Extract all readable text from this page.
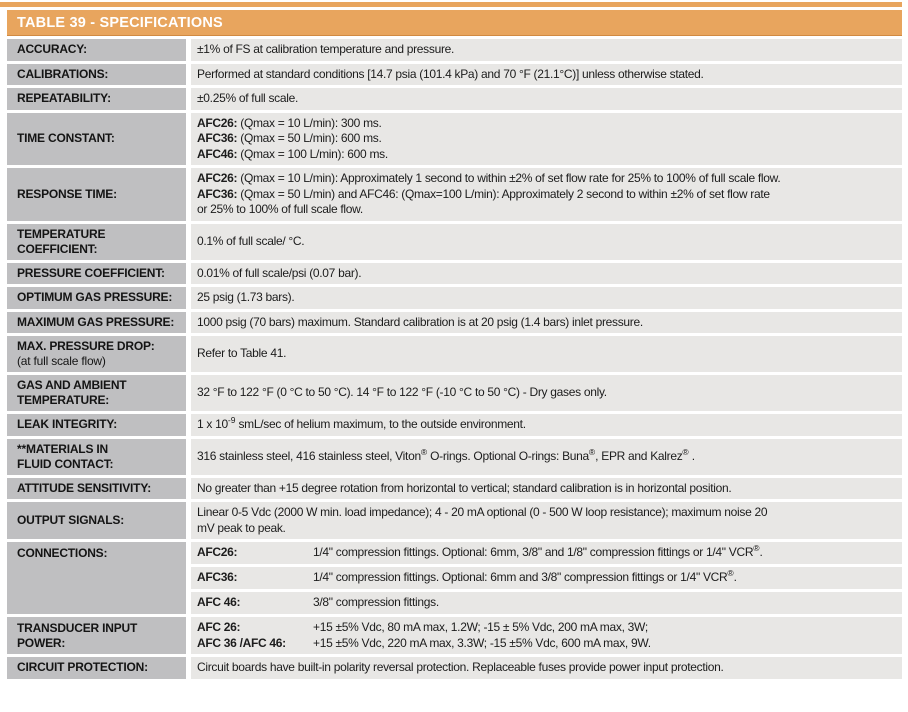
TABLE 39 - SPECIFICATIONS
ACCURACY:	±1% of FS at calibration temperature and pressure.
CALIBRATIONS:	Performed at standard conditions [14.7 psia (101.4 kPa) and 70 °F (21.1°C)] unless otherwise stated.
REPEATABILITY:	±0.25% of full scale.
TIME CONSTANT:
AFC26: (Qmax = 10 L/min): 300 ms.
AFC36: (Qmax = 50 L/min): 600 ms.
AFC46: (Qmax = 100 L/min): 600 ms.
RESPONSE TIME:
AFC26: (Qmax = 10 L/min): Approximately 1 second to within ±2% of set flow rate for 25% to 100% of full scale flow.
AFC36: (Qmax = 50 L/min) and AFC46: (Qmax=100 L/min): Approximately 2 second to within ±2% of set flow rate
or 25% to 100% of full scale flow.
TEMPERATURE
COEFFICIENT:
0.1% of full scale/ °C.
PRESSURE COEFFICIENT:	0.01% of full scale/psi (0.07 bar).
OPTIMUM GAS PRESSURE:	25 psig (1.73 bars).
MAXIMUM GAS PRESSURE:	1000 psig (70 bars) maximum. Standard calibration is at 20 psig (1.4 bars) inlet pressure.
MAX. PRESSURE DROP:
(at full scale flow)
Refer to Table 41.
GAS AND AMBIENT
TEMPERATURE:
32 °F to 122 °F (0 °C to 50 °C). 14 °F to 122 °F (-10 °C to 50 °C) - Dry gases only.
LEAK INTEGRITY:	1 x $10^{-9}$ smL/sec of helium maximum, to the outside environment.
**MATERIALS IN
FLUID CONTACT:
316 stainless steel, 416 stainless steel, Viton® O-rings. Optional O-rings: Buna®, EPR and Kalrez® .
ATTITUDE SENSITIVITY:	No greater than +15 degree rotation from horizontal to vertical; standard calibration is in horizontal position.
OUTPUT SIGNALS:
Linear 0-5 Vdc (2000 W min. load impedance); 4 - 20 mA optional (0 - 500 W loop resistance); maximum noise 20
mV peak to peak.
CONNECTIONS:	AFC26:	1/4" compression fittings. Optional: 6mm, 3/8" and 1/8" compression fittings or 1/4" VCR®.
AFC36:	1/4" compression fittings. Optional: 6mm and 3/8" compression fittings or 1/4" VCR®.
AFC 46:	3/8" compression fittings.
TRANSDUCER INPUT
POWER:
AFC 26:	+15 ±5% Vdc, 80 mA max, 1.2W; -15 ± 5% Vdc, 200 mA max, 3W;
AFC 36 /AFC 46:	+15 ±5% Vdc, 220 mA max, 3.3W; -15 ±5% Vdc, 600 mA max, 9W.
CIRCUIT PROTECTION:	Circuit boards have built-in polarity reversal protection. Replaceable fuses provide power input protection.
